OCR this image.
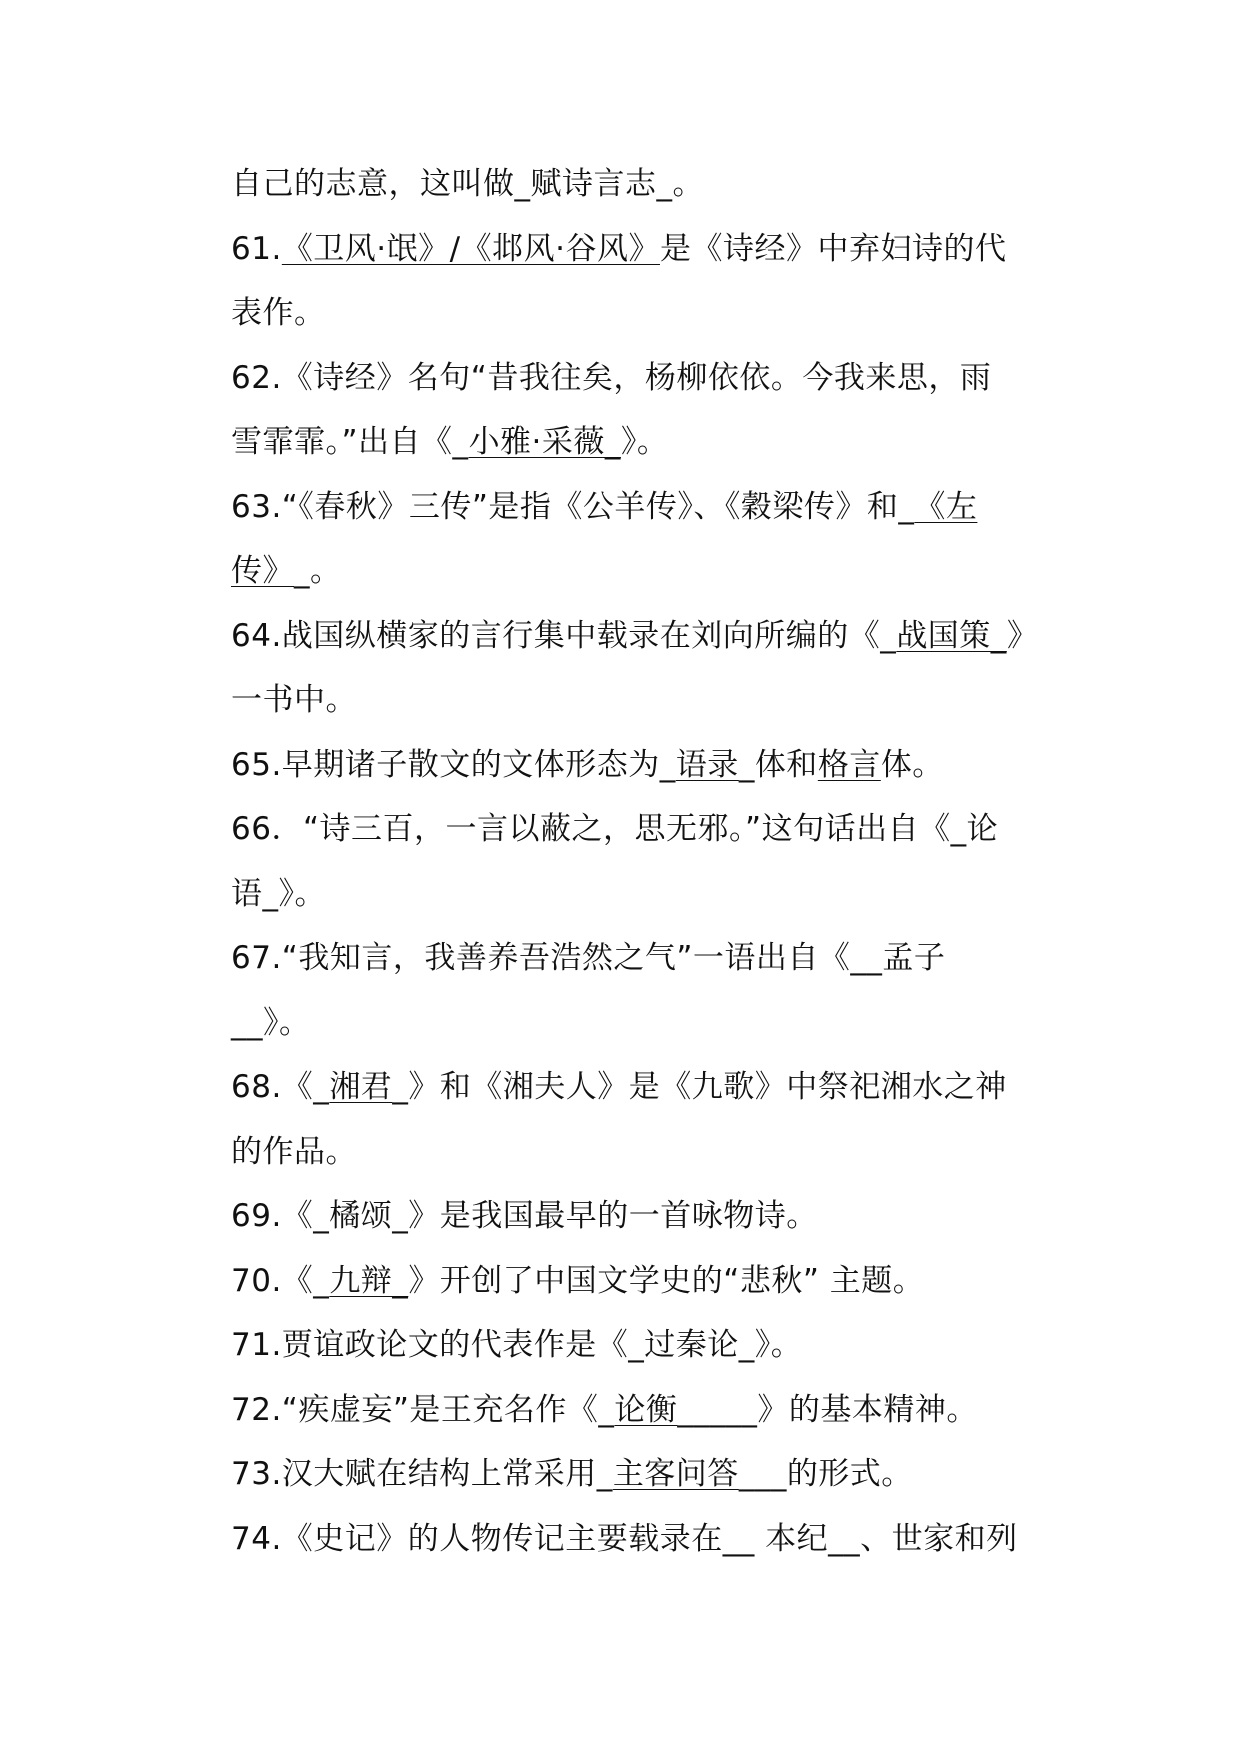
自己的志意，这叫做_赋诗言志_。
61.《卫风·氓》/《邶风·谷风》是《诗经》中弃妇诗的代
表作。
62.《诗经》名句“昔我往矣，杨柳依依。今我来思，雨
雪霏霏。”出自《_小雅·采薇_》。
63.“《春秋》三传”是指《公羊传》、《穀梁传》和_《左
传》_。
64.战国纵横家的言行集中载录在刘向所编的《_战国策_》
一书中。
65.早期诸子散文的文体形态为_语录_体和格言体。
66．“诗三百，一言以蔽之，思无邪。”这句话出自《_论
语_》。
67.“我知言，我善养吾浩然之气”一语出自《__孟子
__》。
68.《_湘君_》和《湘夫人》是《九歌》中祭祀湘水之神
的作品。
69.《_橘颂_》是我国最早的一首咏物诗。
70.《_九辩_》开创了中国文学史的“悲秋” 主题。
71.贾谊政论文的代表作是《_过秦论_》。
72.“疾虚妄”是王充名作《_论衡_____》的基本精神。
73.汉大赋在结构上常采用_主客问答___的形式。
74.《史记》的人物传记主要载录在__ 本纪__、世家和列
